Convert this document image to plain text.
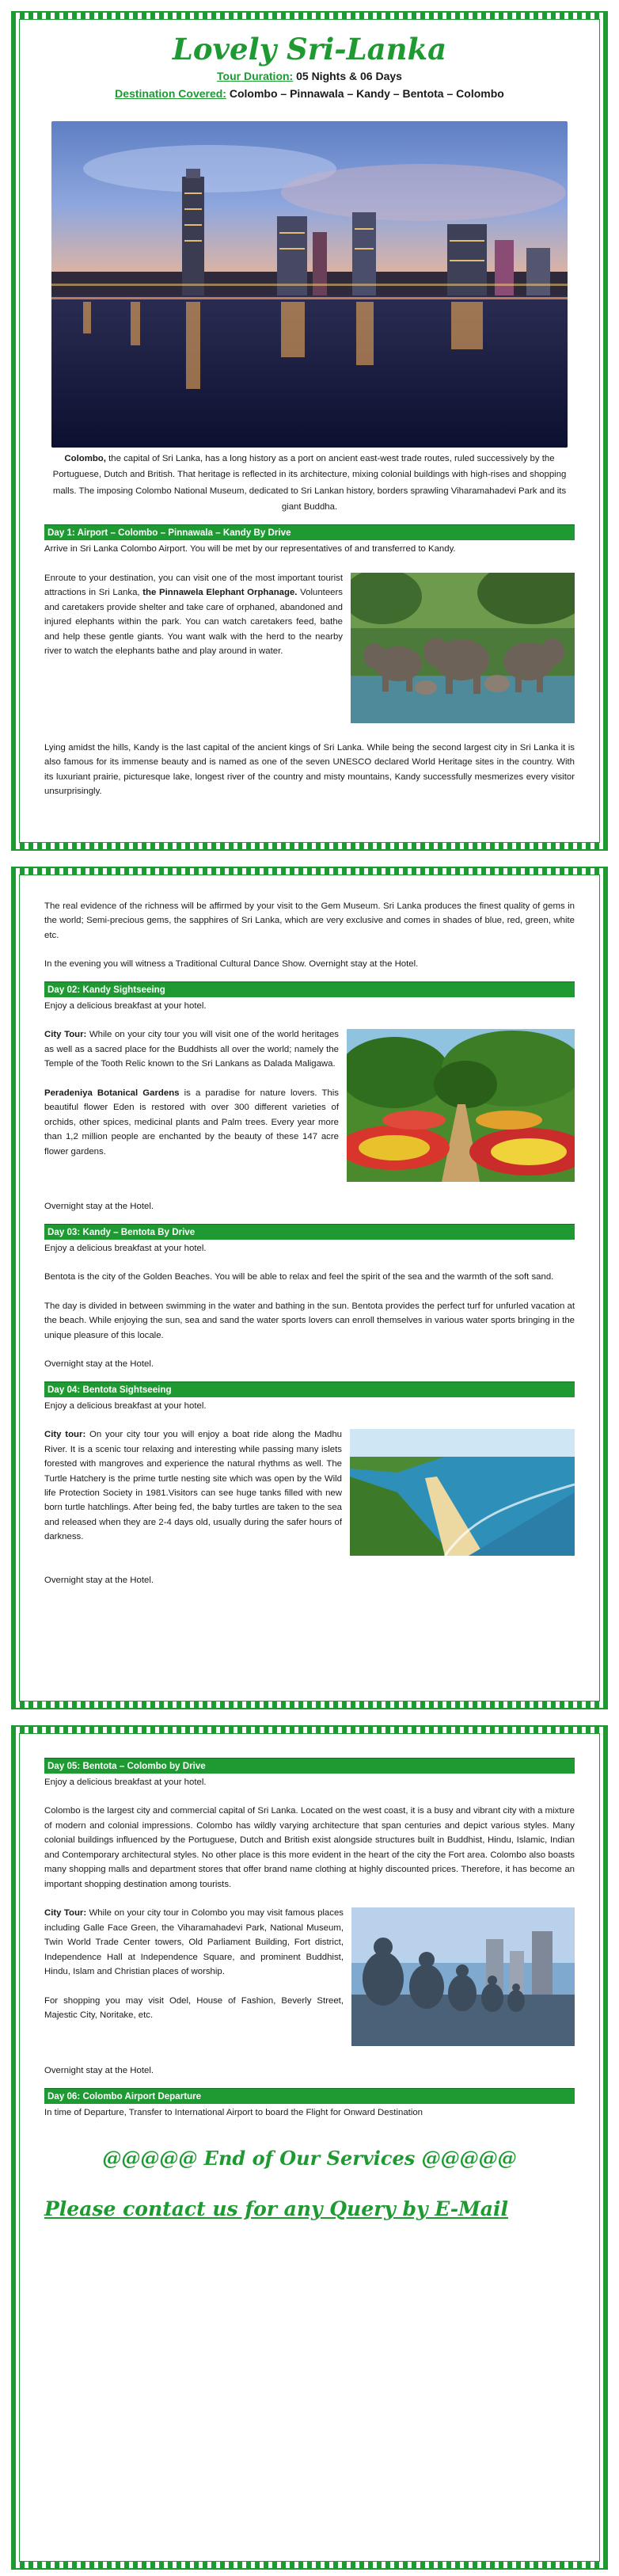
Lovely Sri-Lanka
Tour Duration: 05 Nights & 06 Days
Destination Covered: Colombo – Pinnawala – Kandy – Bentota – Colombo

Colombo, the capital of Sri Lanka, has a long history as a port on ancient east-west trade routes, ruled successively by the Portuguese, Dutch and British. That heritage is reflected in its architecture, mixing colonial buildings with high-rises and shopping malls. The imposing Colombo National Museum, dedicated to Sri Lankan history, borders sprawling Viharamahadevi Park and its giant Buddha.

Day 1: Airport – Colombo – Pinnawala – Kandy By Drive

Arrive in Sri Lanka Colombo Airport. You will be met by our representatives of and transferred to Kandy.

Enroute to your destination, you can visit one of the most important tourist attractions in Sri Lanka, the Pinnawela Elephant Orphanage. Volunteers and caretakers provide shelter and take care of orphaned, abandoned and injured elephants within the park. You can watch caretakers feed, bathe and help these gentle giants. You want walk with the herd to the nearby river to watch the elephants bathe and play around in water.

Lying amidst the hills, Kandy is the last capital of the ancient kings of Sri Lanka. While being the second largest city in Sri Lanka it is also famous for its immense beauty and is named as one of the seven UNESCO declared World Heritage sites in the country. With its luxuriant prairie, picturesque lake, longest river of the country and misty mountains, Kandy successfully mesmerizes every visitor unsurprisingly.

The real evidence of the richness will be affirmed by your visit to the Gem Museum. Sri Lanka produces the finest quality of gems in the world; Semi-precious gems, the sapphires of Sri Lanka, which are very exclusive and comes in shades of blue, red, green, white etc.

In the evening you will witness a Traditional Cultural Dance Show. Overnight stay at the Hotel.

Day 02: Kandy Sightseeing

Enjoy a delicious breakfast at your hotel.

City Tour: While on your city tour you will visit one of the world heritages as well as a sacred place for the Buddhists all over the world; namely the Temple of the Tooth Relic known to the Sri Lankans as Dalada Maligawa.

Peradeniya Botanical Gardens is a paradise for nature lovers. This beautiful flower Eden is restored with over 300 different varieties of orchids, other spices, medicinal plants and Palm trees. Every year more than 1,2 million people are enchanted by the beauty of these 147 acre flower gardens.

Overnight stay at the Hotel.

Day 03: Kandy – Bentota By Drive

Enjoy a delicious breakfast at your hotel.

Bentota is the city of the Golden Beaches. You will be able to relax and feel the spirit of the sea and the warmth of the soft sand.

The day is divided in between swimming in the water and bathing in the sun. Bentota provides the perfect turf for unfurled vacation at the beach. While enjoying the sun, sea and sand the water sports lovers can enroll themselves in various water sports bringing in the unique pleasure of this locale.

Overnight stay at the Hotel.

Day 04: Bentota Sightseeing

Enjoy a delicious breakfast at your hotel.

City tour: On your city tour you will enjoy a boat ride along the Madhu River. It is a scenic tour relaxing and interesting while passing many islets forested with mangroves and experience the natural rhythms as well. The Turtle Hatchery is the prime turtle nesting site which was open by the Wild life Protection Society in 1981.Visitors can see huge tanks filled with new born turtle hatchlings. After being fed, the baby turtles are taken to the sea and released when they are 2-4 days old, usually during the safer hours of darkness.

Overnight stay at the Hotel.

Day 05: Bentota – Colombo by Drive

Enjoy a delicious breakfast at your hotel.

Colombo is the largest city and commercial capital of Sri Lanka. Located on the west coast, it is a busy and vibrant city with a mixture of modern and colonial impressions. Colombo has wildly varying architecture that span centuries and depict various styles. Many colonial buildings influenced by the Portuguese, Dutch and British exist alongside structures built in Buddhist, Hindu, Islamic, Indian and Contemporary architectural styles. No other place is this more evident in the heart of the city the Fort area. Colombo also boasts many shopping malls and department stores that offer brand name clothing at highly discounted prices. Therefore, it has become an important shopping destination among tourists.

City Tour: While on your city tour in Colombo you may visit famous places including Galle Face Green, the Viharamahadevi Park, National Museum, Twin World Trade Center towers, Old Parliament Building, Fort district, Independence Hall at Independence Square, and prominent Buddhist, Hindu, Islam and Christian places of worship.

For shopping you may visit Odel, House of Fashion, Beverly Street, Majestic City, Noritake, etc.

Overnight stay at the Hotel.

Day 06: Colombo Airport Departure

In time of Departure, Transfer to International Airport to board the Flight for Onward Destination

@@@@@ End of Our Services @@@@@
Please contact us for any Query by E-Mail
